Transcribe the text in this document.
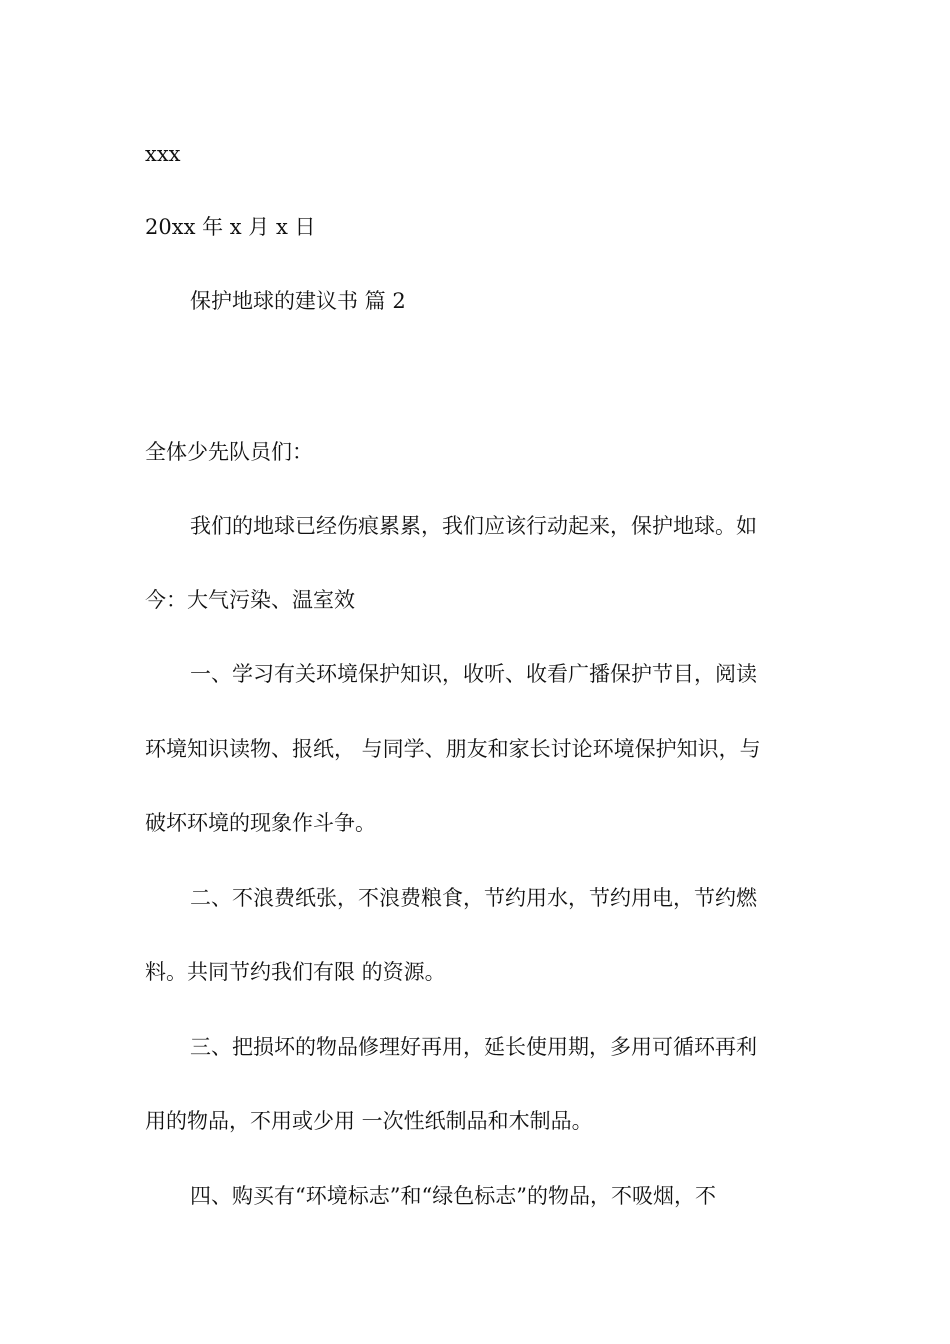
xxx
20xx 年 x 月 x 日
保护地球的建议书 篇 2
全体少先队员们：
我们的地球已经伤痕累累，我们应该行动起来，保护地球。如
今：大气污染、温室效
一、学习有关环境保护知识，收听、收看广播保护节目，阅读
环境知识读物、报纸， 与同学、朋友和家长讨论环境保护知识，与
破坏环境的现象作斗争。
二、不浪费纸张，不浪费粮食，节约用水，节约用电，节约燃
料。共同节约我们有限 的资源。
三、把损坏的物品修理好再用，延长使用期，多用可循环再利
用的物品，不用或少用 一次性纸制品和木制品。
四、购买有“环境标志”和“绿色标志”的物品，不吸烟，不
